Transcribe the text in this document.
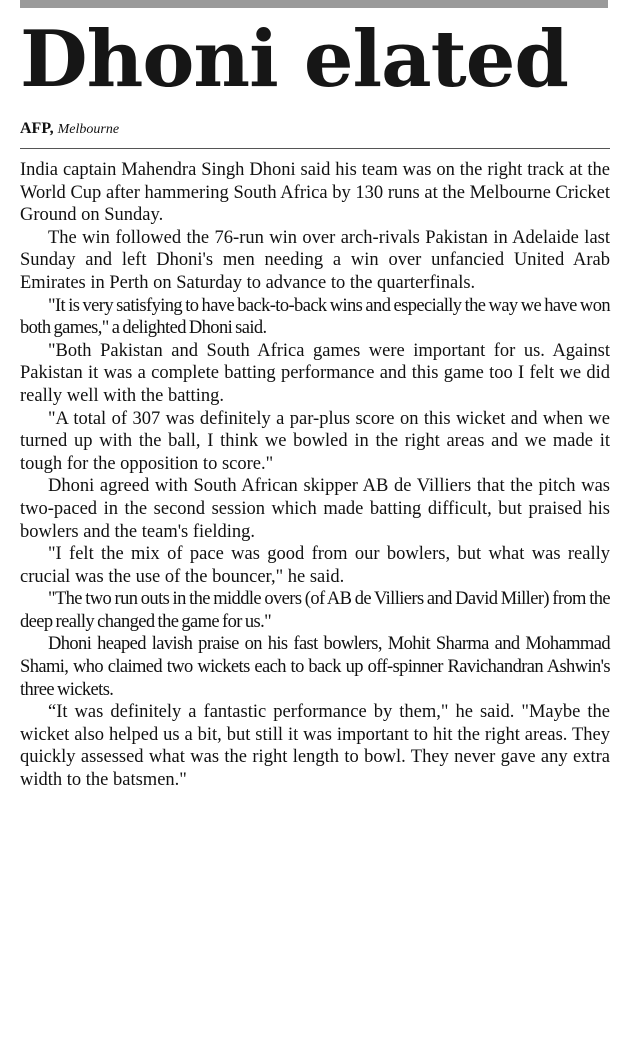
Dhoni elated
AFP, Melbourne

India captain Mahendra Singh Dhoni said his team was on the right track at the World Cup after hammering South Africa by 130 runs at the Melbourne Cricket Ground on Sunday.

The win followed the 76-run win over arch-rivals Pakistan in Adelaide last Sunday and left Dhoni's men needing a win over unfancied United Arab Emirates in Perth on Saturday to advance to the quarterfinals.

"It is very satisfying to have back-to-back wins and especially the way we have won both games," a delighted Dhoni said.

"Both Pakistan and South Africa games were important for us. Against Pakistan it was a complete batting performance and this game too I felt we did really well with the batting.

"A total of 307 was definitely a par-plus score on this wicket and when we turned up with the ball, I think we bowled in the right areas and we made it tough for the opposition to score."

Dhoni agreed with South African skipper AB de Villiers that the pitch was two-paced in the second session which made batting difficult, but praised his bowlers and the team's fielding.

"I felt the mix of pace was good from our bowlers, but what was really crucial was the use of the bouncer," he said.

"The two run outs in the middle overs (of AB de Villiers and David Miller) from the deep really changed the game for us."

Dhoni heaped lavish praise on his fast bowlers, Mohit Sharma and Mohammad Shami, who claimed two wickets each to back up off-spinner Ravichandran Ashwin's three wickets.

“It was definitely a fantastic performance by them," he said. "Maybe the wicket also helped us a bit, but still it was important to hit the right areas. They quickly assessed what was the right length to bowl. They never gave any extra width to the batsmen."
